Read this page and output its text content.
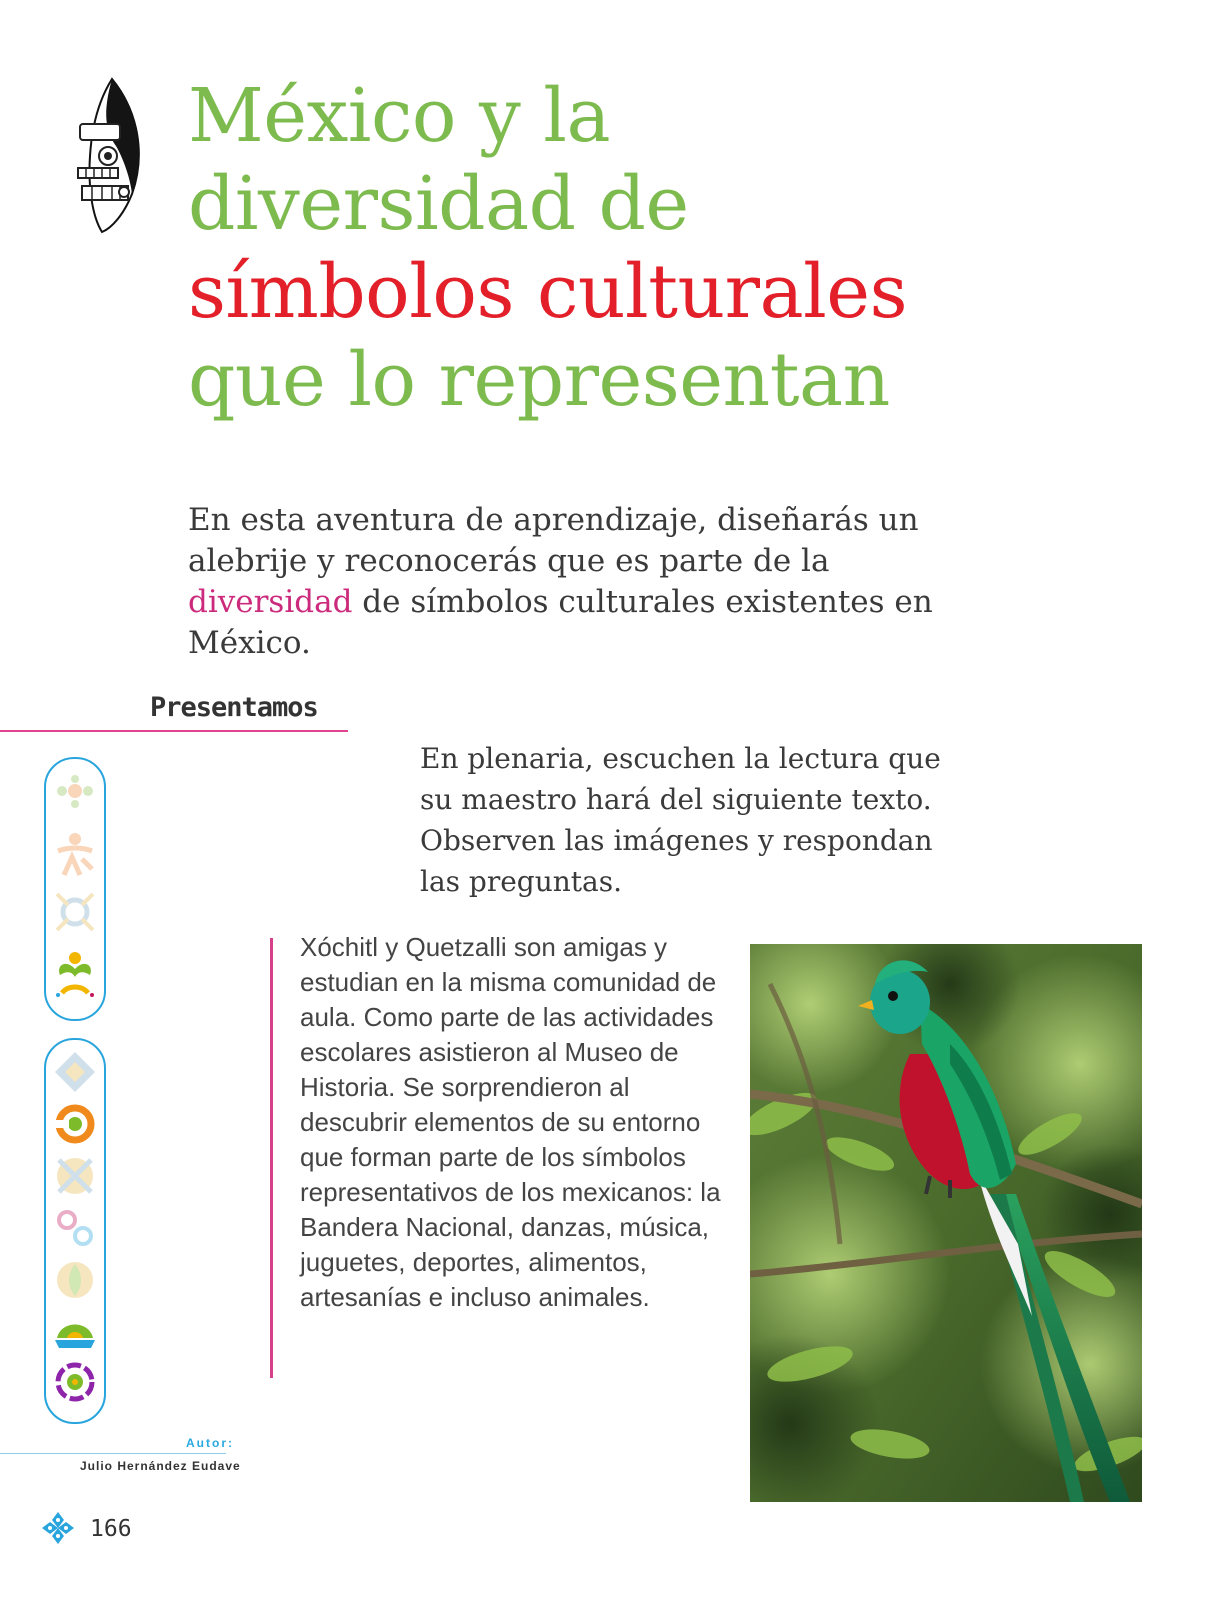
México y la
diversidad de
símbolos culturales
que lo representan

En esta aventura de aprendizaje, diseñarás un alebrije y reconocerás que es parte de la diversidad de símbolos culturales existentes en México.

Presentamos

En plenaria, escuchen la lectura que su maestro hará del siguiente texto. Observen las imágenes y respondan las preguntas.

Xóchitl y Quetzalli son amigas y estudian en la misma comunidad de aula. Como parte de las actividades escolares asistieron al Museo de Historia. Se sorprendieron al descubrir elementos de su entorno que forman parte de los símbolos representativos de los mexicanos: la Bandera Nacional, danzas, música, juguetes, deportes, alimentos, artesanías e incluso animales.

Autor:
Julio Hernández Eudave
166
